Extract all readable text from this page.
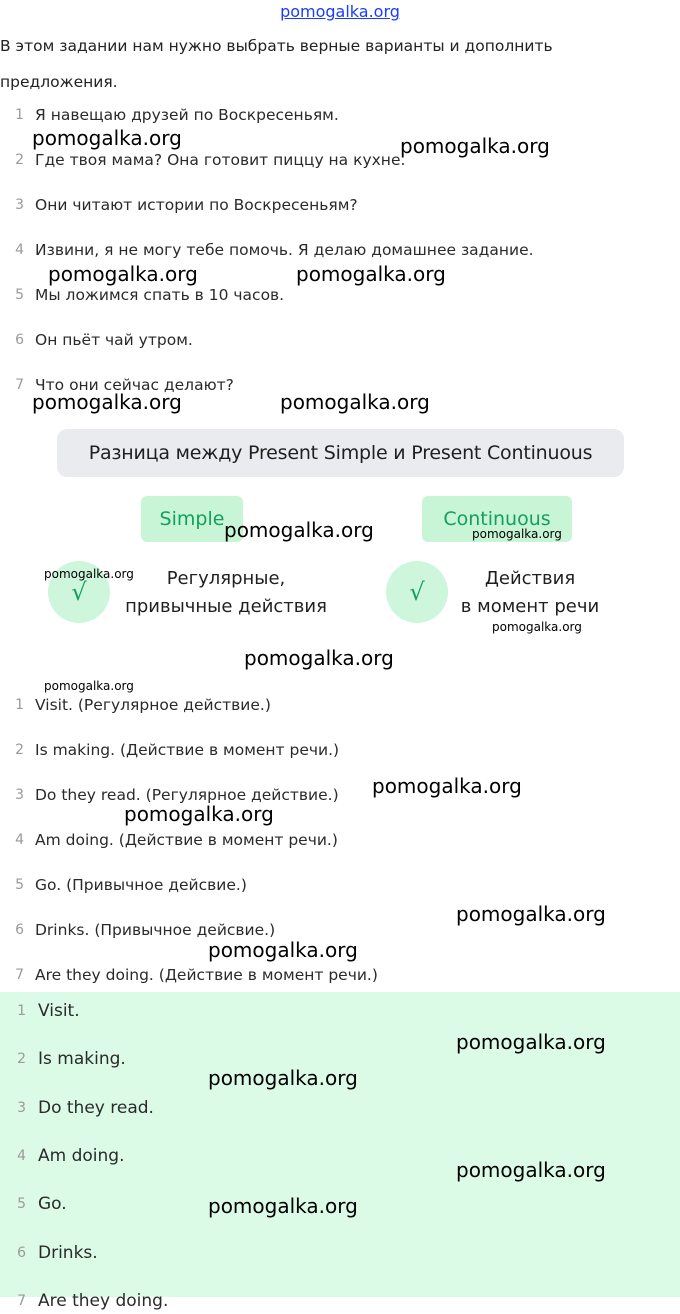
pomogalka.org

В этом задании нам нужно выбрать верные варианты и дополнить предложения.

1 Я навещаю друзей по Воскресеньям.
2 Где твоя мама? Она готовит пиццу на кухне.
3 Они читают истории по Воскресеньям?
4 Извини, я не могу тебе помочь. Я делаю домашнее задание.
5 Мы ложимся спать в 10 часов.
6 Он пьёт чай утром.
7 Что они сейчас делают?
Разница между Present Simple и Present Continuous
Simple	Continuous
√	√
Регулярные,
привычные действия
Действия
в момент речи
1 Visit. (Регулярное действие.)
2 Is making. (Действие в момент речи.)
3 Do they read. (Регулярное действие.)
4 Am doing. (Действие в момент речи.)
5 Go. (Привычное дейсвие.)
6 Drinks. (Привычное дейсвие.)
7 Are they doing. (Действие в момент речи.)
1 Visit.
2 Is making.
3 Do they read.
4 Am doing.
5 Go.
6 Drinks.
7 Are they doing.
pomogalka.org	pomogalka.org
pomogalka.org	pomogalka.org
pomogalka.org	pomogalka.org
pomogalka.org	pomogalka.org
pomogalka.org
pomogalka.org
pomogalka.org
pomogalka.org
pomogalka.org
pomogalka.org
pomogalka.org
pomogalka.org
pomogalka.org
pomogalka.org
pomogalka.org
pomogalka.org
